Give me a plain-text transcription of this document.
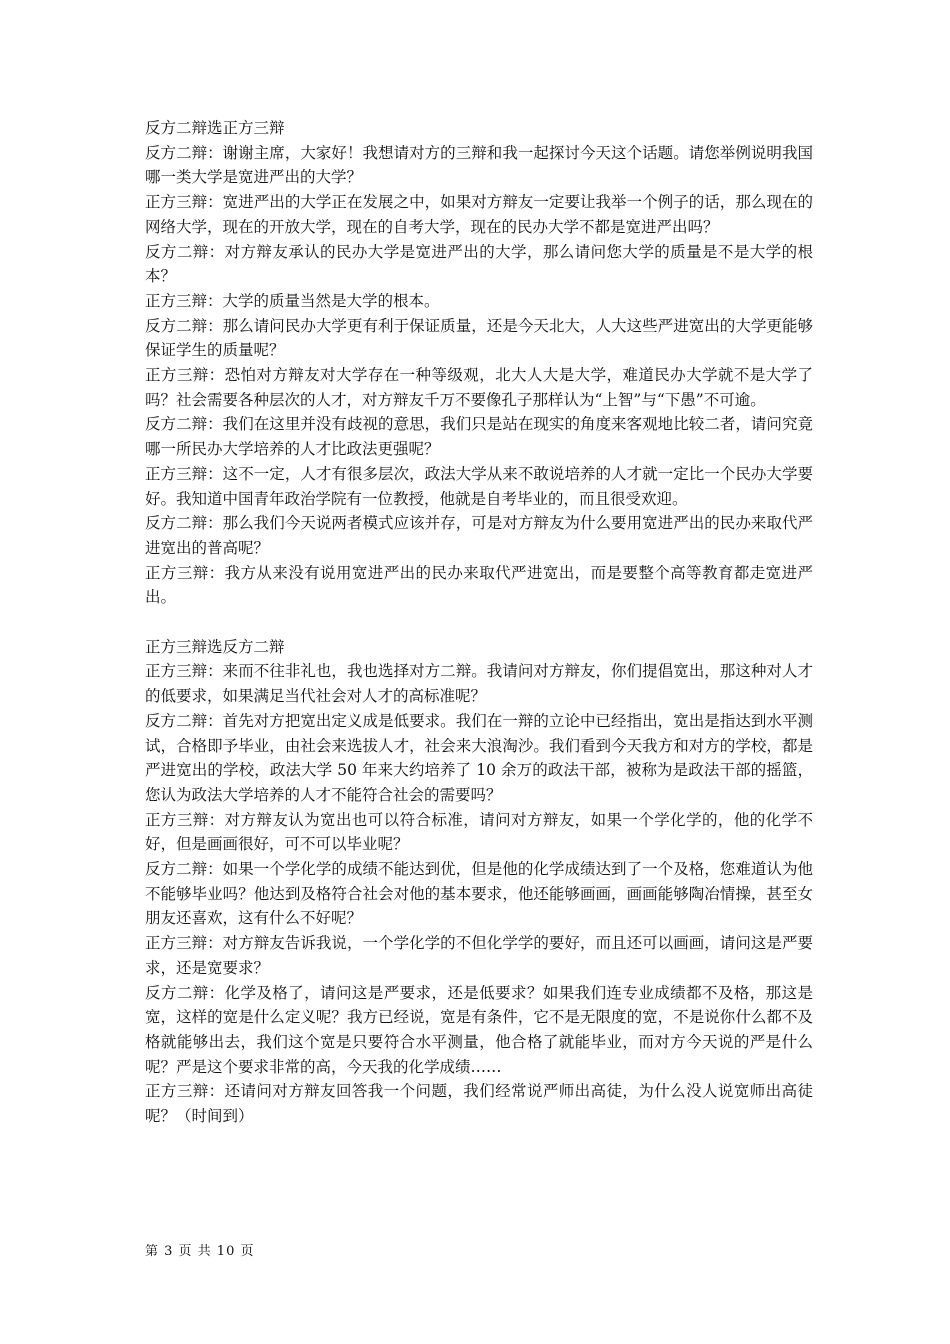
反方二辩选正方三辩

反方二辩：谢谢主席，大家好！我想请对方的三辩和我一起探讨今天这个话题。请您举例说明我国哪一类大学是宽进严出的大学？

正方三辩：宽进严出的大学正在发展之中，如果对方辩友一定要让我举一个例子的话，那么现在的网络大学，现在的开放大学，现在的自考大学，现在的民办大学不都是宽进严出吗？

反方二辩：对方辩友承认的民办大学是宽进严出的大学，那么请问您大学的质量是不是大学的根本？

正方三辩：大学的质量当然是大学的根本。

反方二辩：那么请问民办大学更有利于保证质量，还是今天北大，人大这些严进宽出的大学更能够保证学生的质量呢？

正方三辩：恐怕对方辩友对大学存在一种等级观，北大人大是大学，难道民办大学就不是大学了吗？社会需要各种层次的人才，对方辩友千万不要像孔子那样认为“上智”与“下愚”不可逾。

反方二辩：我们在这里并没有歧视的意思，我们只是站在现实的角度来客观地比较二者，请问究竟哪一所民办大学培养的人才比政法更强呢？

正方三辩：这不一定，人才有很多层次，政法大学从来不敢说培养的人才就一定比一个民办大学要好。我知道中国青年政治学院有一位教授，他就是自考毕业的，而且很受欢迎。

反方二辩：那么我们今天说两者模式应该并存，可是对方辩友为什么要用宽进严出的民办来取代严进宽出的普高呢？

正方三辩：我方从来没有说用宽进严出的民办来取代严进宽出，而是要整个高等教育都走宽进严出。

正方三辩选反方二辩

正方三辩：来而不往非礼也，我也选择对方二辩。我请问对方辩友，你们提倡宽出，那这种对人才的低要求，如果满足当代社会对人才的高标准呢？

反方二辩：首先对方把宽出定义成是低要求。我们在一辩的立论中已经指出，宽出是指达到水平测试，合格即予毕业，由社会来选拔人才，社会来大浪淘沙。我们看到今天我方和对方的学校，都是严进宽出的学校，政法大学 50 年来大约培养了 10 余万的政法干部，被称为是政法干部的摇篮，您认为政法大学培养的人才不能符合社会的需要吗？

正方三辩：对方辩友认为宽出也可以符合标准，请问对方辩友，如果一个学化学的，他的化学不好，但是画画很好，可不可以毕业呢？

反方二辩：如果一个学化学的成绩不能达到优，但是他的化学成绩达到了一个及格，您难道认为他不能够毕业吗？他达到及格符合社会对他的基本要求，他还能够画画，画画能够陶冶情操，甚至女朋友还喜欢，这有什么不好呢？

正方三辩：对方辩友告诉我说，一个学化学的不但化学学的要好，而且还可以画画，请问这是严要求，还是宽要求？

反方二辩：化学及格了，请问这是严要求，还是低要求？如果我们连专业成绩都不及格，那这是宽，这样的宽是什么定义呢？我方已经说，宽是有条件，它不是无限度的宽，不是说你什么都不及格就能够出去，我们这个宽是只要符合水平测量，他合格了就能毕业，而对方今天说的严是什么呢？严是这个要求非常的高，今天我的化学成绩……

正方三辩：还请问对方辩友回答我一个问题，我们经常说严师出高徒，为什么没人说宽师出高徒呢？（时间到）

第 3 页 共 10 页
